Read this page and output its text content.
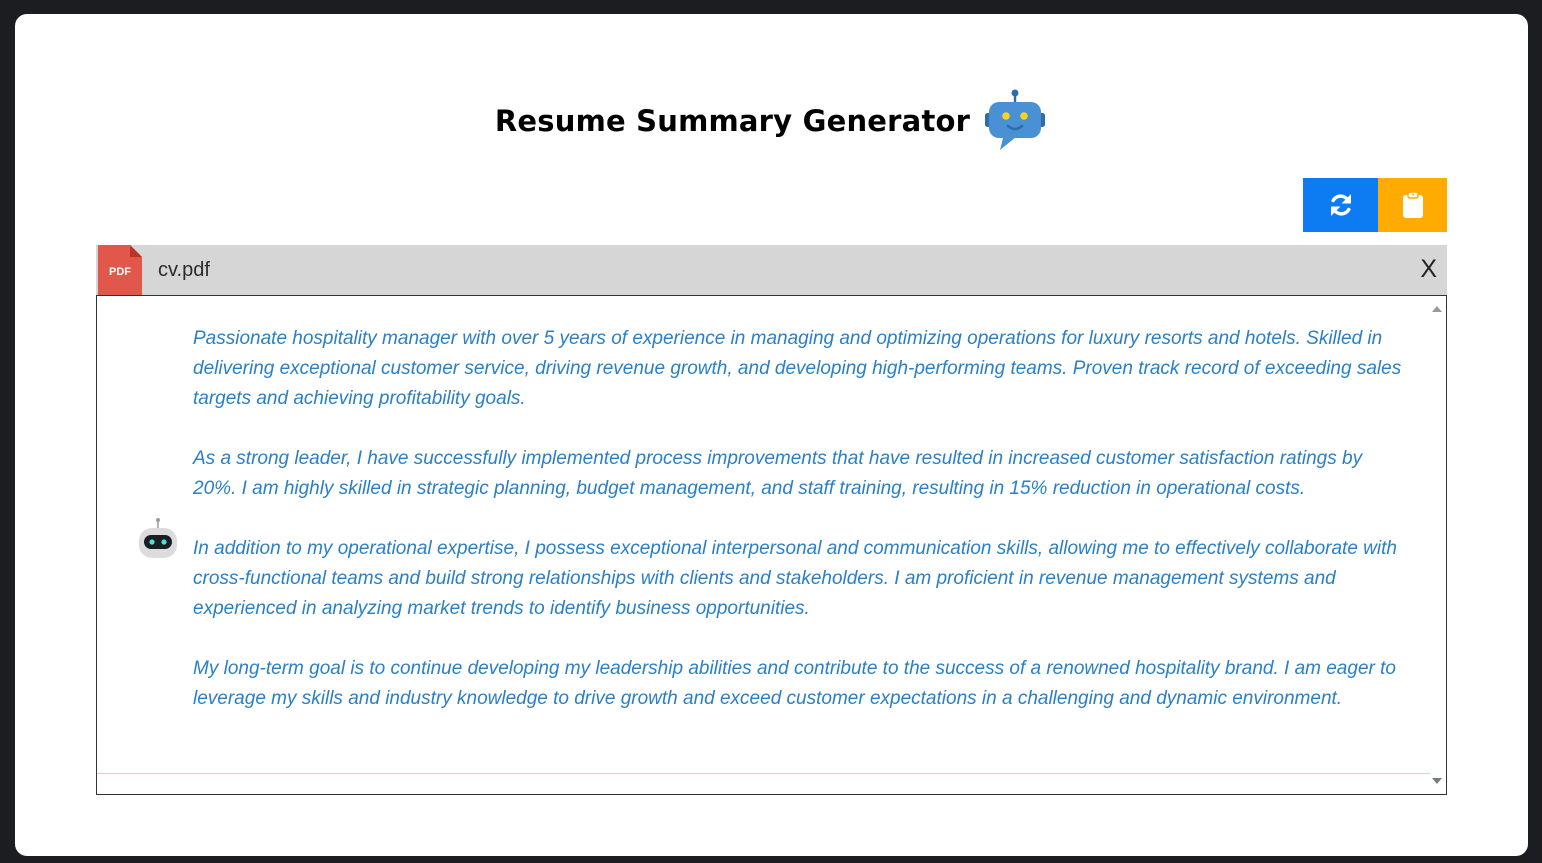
Resume Summary Generator
PDF cv.pdf	X

Passionate hospitality manager with over 5 years of experience in managing and optimizing operations for luxury resorts and hotels. Skilled in delivering exceptional customer service, driving revenue growth, and developing high-performing teams. Proven track record of exceeding sales targets and achieving profitability goals.

As a strong leader, I have successfully implemented process improvements that have resulted in increased customer satisfaction ratings by 20%. I am highly skilled in strategic planning, budget management, and staff training, resulting in 15% reduction in operational costs.

In addition to my operational expertise, I possess exceptional interpersonal and communication skills, allowing me to effectively collaborate with cross-functional teams and build strong relationships with clients and stakeholders. I am proficient in revenue management systems and experienced in analyzing market trends to identify business opportunities.

My long-term goal is to continue developing my leadership abilities and contribute to the success of a renowned hospitality brand. I am eager to leverage my skills and industry knowledge to drive growth and exceed customer expectations in a challenging and dynamic environment.
